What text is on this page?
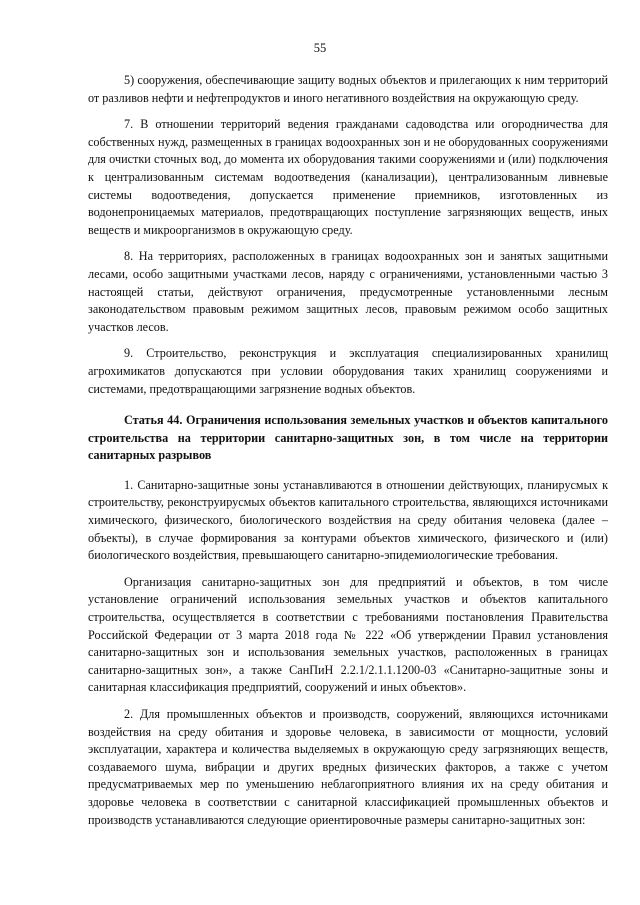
55

5) сооружения, обеспечивающие защиту водных объектов и прилегающих к ним территорий от разливов нефти и нефтепродуктов и иного негативного воздействия на окружающую среду.

7. В отношении территорий ведения гражданами садоводства или огородничества для собственных нужд, размещенных в границах водоохранных зон и не оборудованных сооружениями для очистки сточных вод, до момента их оборудования такими сооружениями и (или) подключения к централизованным системам водоотведения (канализации), централизованным ливневые системы водоотведения, допускается применение приемников, изготовленных из водонепроницаемых материалов, предотвращающих поступление загрязняющих веществ, иных веществ и микроорганизмов в окружающую среду.

8. На территориях, расположенных в границах водоохранных зон и занятых защитными лесами, особо защитными участками лесов, наряду с ограничениями, установленными частью 3 настоящей статьи, действуют ограничения, предусмотренные установленными лесным законодательством правовым режимом защитных лесов, правовым режимом особо защитных участков лесов.

9. Строительство, реконструкция и эксплуатация специализированных хранилищ агрохимикатов допускаются при условии оборудования таких хранилищ сооружениями и системами, предотвращающими загрязнение водных объектов.

Статья 44. Ограничения использования земельных участков и объектов капитального строительства на территории санитарно-защитных зон, в том числе на территории санитарных разрывов

1. Санитарно-защитные зоны устанавливаются в отношении действующих, планирусмых к строительству, реконструирусмых объектов капитального строительства, являющихся источниками химического, физического, биологического воздействия на среду обитания человека (далее – объекты), в случае формирования за контурами объектов химического, физического и (или) биологического воздействия, превышающего санитарно-эпидемиологические требования.

Организация санитарно-защитных зон для предприятий и объектов, в том числе установление ограничений использования земельных участков и объектов капитального строительства, осуществляется в соответствии с требованиями постановления Правительства Российской Федерации от 3 марта 2018 года № 222 «Об утверждении Правил установления санитарно-защитных зон и использования земельных участков, расположенных в границах санитарно-защитных зон», а также СанПиН 2.2.1/2.1.1.1200-03 «Санитарно-защитные зоны и санитарная классификация предприятий, сооружений и иных объектов».

2. Для промышленных объектов и производств, сооружений, являющихся источниками воздействия на среду обитания и здоровье человека, в зависимости от мощности, условий эксплуатации, характера и количества выделяемых в окружающую среду загрязняющих веществ, создаваемого шума, вибрации и других вредных физических факторов, а также с учетом предусматриваемых мер по уменьшению неблагоприятного влияния их на среду обитания и здоровье человека в соответствии с санитарной классификацией промышленных объектов и производств устанавливаются следующие ориентировочные размеры санитарно-защитных зон:
